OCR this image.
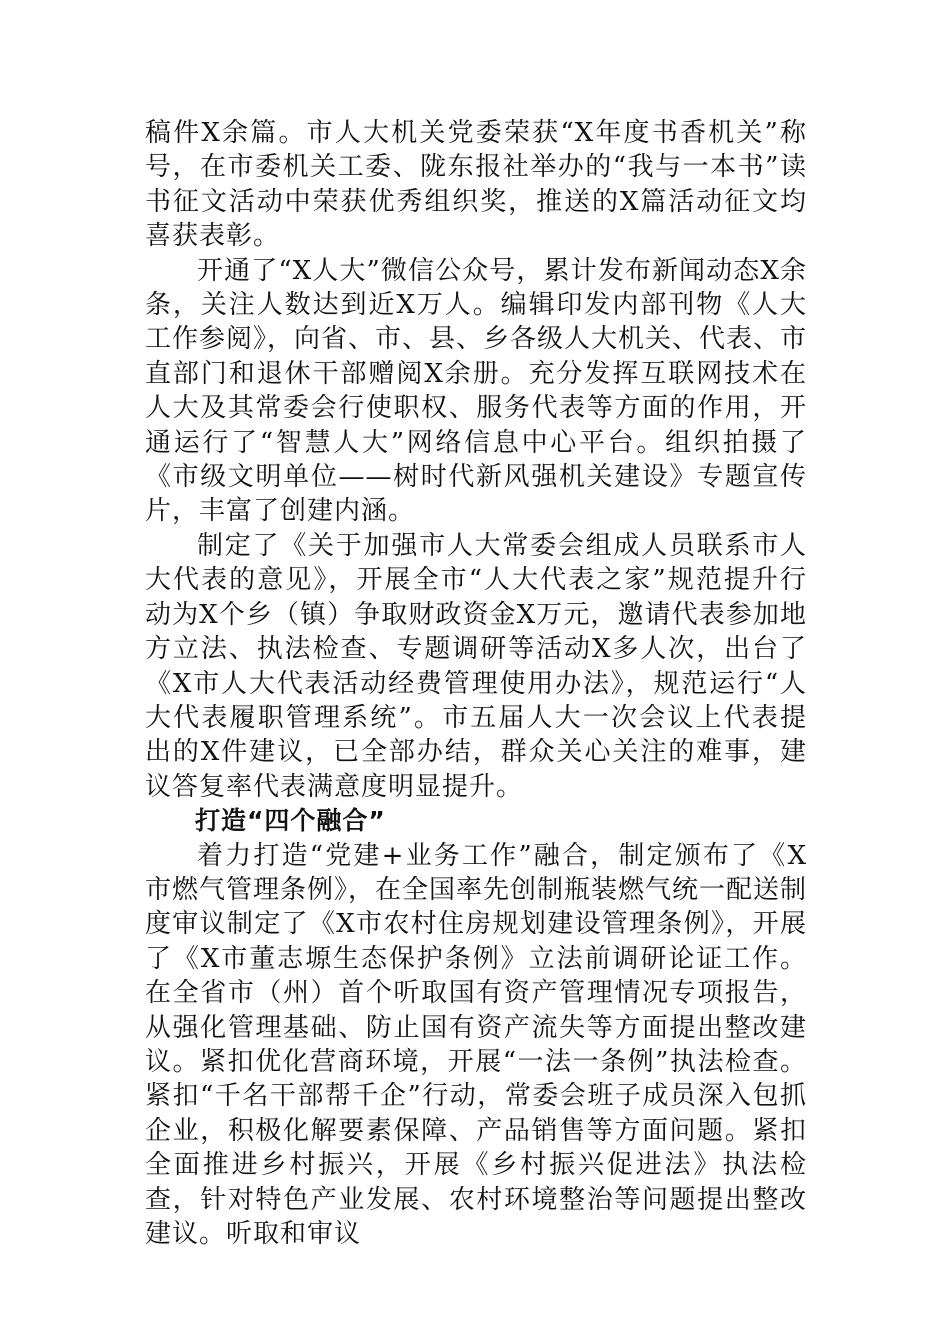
稿件X余篇。市人大机关党委荣获“X年度书香机关”称号，在市委机关工委、陇东报社举办的“我与一本书”读书征文活动中荣获优秀组织奖，推送的X篇活动征文均喜获表彰。

开通了“X人大”微信公众号，累计发布新闻动态X余条，关注人数达到近X万人。编辑印发内部刊物《人大工作参阅》，向省、市、县、乡各级人大机关、代表、市直部门和退休干部赠阅X余册。充分发挥互联网技术在人大及其常委会行使职权、服务代表等方面的作用，开通运行了“智慧人大”网络信息中心平台。组织拍摄了《市级文明单位——树时代新风强机关建设》专题宣传片，丰富了创建内涵。

制定了《关于加强市人大常委会组成人员联系市人大代表的意见》，开展全市“人大代表之家”规范提升行动为X个乡（镇）争取财政资金X万元，邀请代表参加地方立法、执法检查、专题调研等活动X多人次，出台了《X市人大代表活动经费管理使用办法》，规范运行“人大代表履职管理系统”。市五届人大一次会议上代表提出的X件建议，已全部办结，群众关心关注的难事，建议答复率代表满意度明显提升。

打造“四个融合”

着力打造“党建+业务工作”融合，制定颁布了《X市燃气管理条例》，在全国率先创制瓶装燃气统一配送制度审议制定了《X市农村住房规划建设管理条例》，开展了《X市董志塬生态保护条例》立法前调研论证工作。在全省市（州）首个听取国有资产管理情况专项报告，从强化管理基础、防止国有资产流失等方面提出整改建议。紧扣优化营商环境，开展“一法一条例”执法检查。紧扣“千名干部帮千企”行动，常委会班子成员深入包抓企业，积极化解要素保障、产品销售等方面问题。紧扣全面推进乡村振兴，开展《乡村振兴促进法》执法检查，针对特色产业发展、农村环境整治等问题提出整改建议。听取和审议
